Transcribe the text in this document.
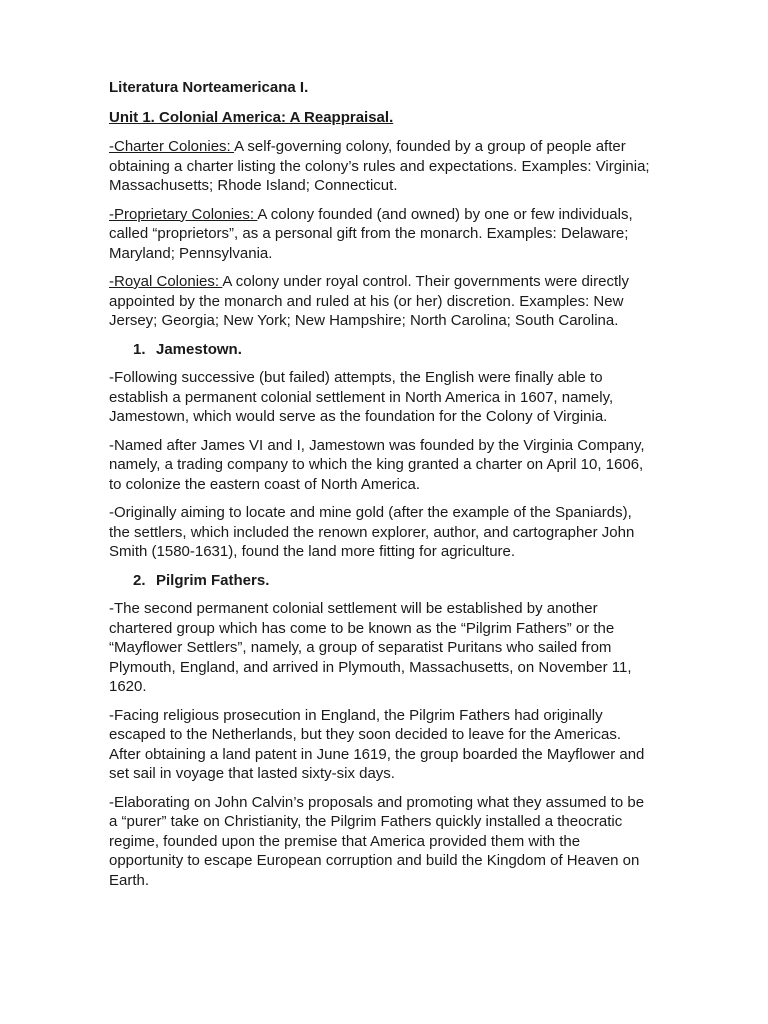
Literatura Norteamericana I.

Unit 1. Colonial America: A Reappraisal.

-Charter Colonies: A self-governing colony, founded by a group of people after obtaining a charter listing the colony’s rules and expectations. Examples: Virginia; Massachusetts; Rhode Island; Connecticut.

-Proprietary Colonies: A colony founded (and owned) by one or few individuals, called “proprietors”, as a personal gift from the monarch. Examples: Delaware; Maryland; Pennsylvania.

-Royal Colonies: A colony under royal control. Their governments were directly appointed by the monarch and ruled at his (or her) discretion. Examples: New Jersey; Georgia; New York; New Hampshire; North Carolina; South Carolina.

1. Jamestown.

-Following successive (but failed) attempts, the English were finally able to establish a permanent colonial settlement in North America in 1607, namely, Jamestown, which would serve as the foundation for the Colony of Virginia.

-Named after James VI and I, Jamestown was founded by the Virginia Company, namely, a trading company to which the king granted a charter on April 10, 1606, to colonize the eastern coast of North America.

-Originally aiming to locate and mine gold (after the example of the Spaniards), the settlers, which included the renown explorer, author, and cartographer John Smith (1580-1631), found the land more fitting for agriculture.

2. Pilgrim Fathers.

-The second permanent colonial settlement will be established by another chartered group which has come to be known as the “Pilgrim Fathers” or the “Mayflower Settlers”, namely, a group of separatist Puritans who sailed from Plymouth, England, and arrived in Plymouth, Massachusetts, on November 11, 1620.

-Facing religious prosecution in England, the Pilgrim Fathers had originally escaped to the Netherlands, but they soon decided to leave for the Americas. After obtaining a land patent in June 1619, the group boarded the Mayflower and set sail in voyage that lasted sixty-six days.

-Elaborating on John Calvin’s proposals and promoting what they assumed to be a “purer” take on Christianity, the Pilgrim Fathers quickly installed a theocratic regime, founded upon the premise that America provided them with the opportunity to escape European corruption and build the Kingdom of Heaven on Earth.
